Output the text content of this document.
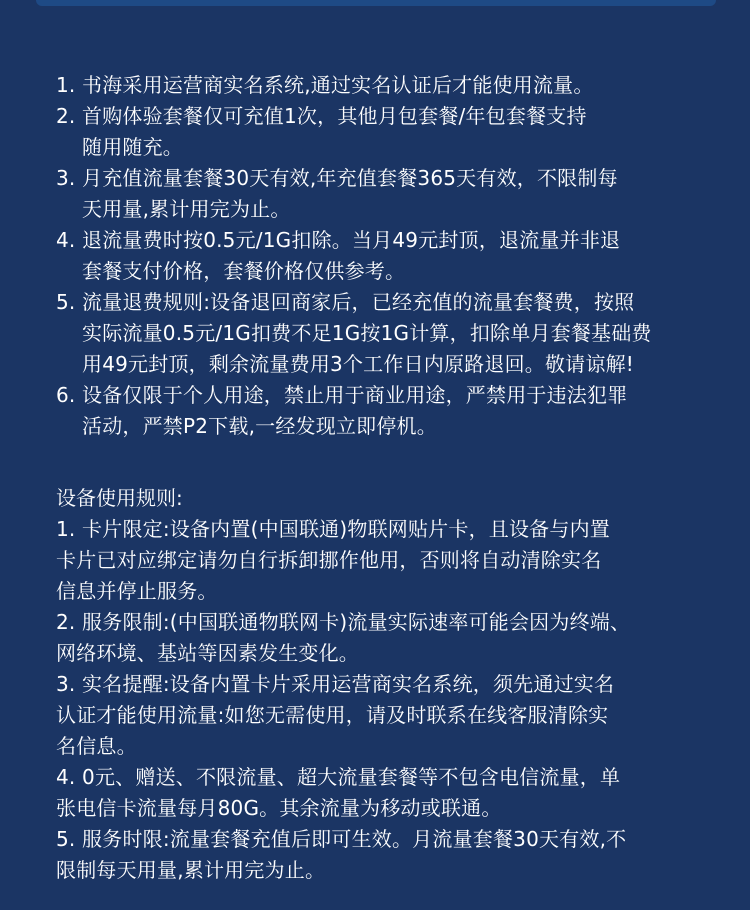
1. 书海采用运营商实名系统,通过实名认证后才能使用流量。
2. 首购体验套餐仅可充值1次，其他月包套餐/年包套餐支持
随用随充。
3. 月充值流量套餐30天有效,年充值套餐365天有效，不限制每
天用量,累计用完为止。
4. 退流量费时按0.5元/1G扣除。当月49元封顶，退流量并非退
套餐支付价格，套餐价格仅供参考。
5. 流量退费规则:设备退回商家后，已经充值的流量套餐费，按照
实际流量0.5元/1G扣费不足1G按1G计算，扣除单月套餐基础费
用49元封顶，剩余流量费用3个工作日内原路退回。敬请谅解!
6. 设备仅限于个人用途，禁止用于商业用途，严禁用于违法犯罪
活动，严禁P2下载,一经发现立即停机。
设备使用规则:
1. 卡片限定:设备内置(中国联通)物联网贴片卡，且设备与内置
卡片已对应绑定请勿自行拆卸挪作他用，否则将自动清除实名
信息并停止服务。
2. 服务限制:(中国联通物联网卡)流量实际速率可能会因为终端、
网络环境、基站等因素发生变化。
3. 实名提醒:设备内置卡片采用运营商实名系统，须先通过实名
认证才能使用流量:如您无需使用，请及时联系在线客服清除实
名信息。
4. 0元、赠送、不限流量、超大流量套餐等不包含电信流量，单
张电信卡流量每月80G。其余流量为移动或联通。
5. 服务时限:流量套餐充值后即可生效。月流量套餐30天有效,不
限制每天用量,累计用完为止。
